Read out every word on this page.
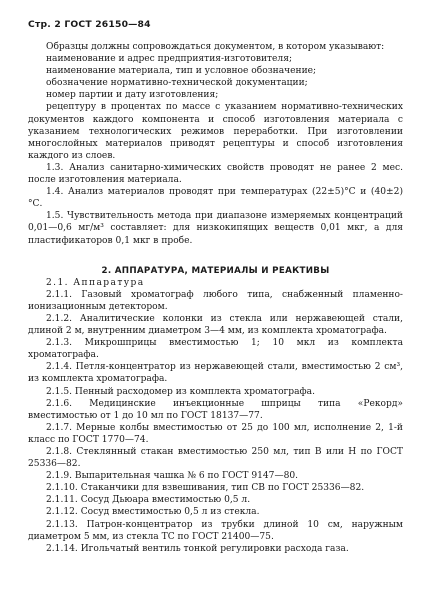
Стр. 2 ГОСТ 26150—84

Образцы должны сопровождаться документом, в котором указывают:

наименование и адрес предприятия-изготовителя;

наименование материала, тип и условное обозначение;

обозначение нормативно-технической документации;

номер партии и дату изготовления;

рецептуру в процентах по массе с указанием нормативно-технических документов каждого компонента и способ изготовления материала с указанием технологических режимов переработки. При изготовлении многослойных материалов приводят рецептуры и способ изготовления каждого из слоев.

1.3. Анализ санитарно-химических свойств проводят не ранее 2 мес. после изготовления материала.

1.4. Анализ материалов проводят при температурах (22±5)°С и (40±2)°С.

1.5. Чувствительность метода при диапазоне измеряемых концентраций 0,01—0,6 мг/м³ составляет: для низкокипящих веществ 0,01 мкг, а для пластификаторов 0,1 мкг в пробе.

2. АППАРАТУРА, МАТЕРИАЛЫ И РЕАКТИВЫ

2.1. Аппаратура

2.1.1. Газовый хроматограф любого типа, снабженный пламенно-ионизационным детектором.

2.1.2. Аналитические колонки из стекла или нержавеющей стали, длиной 2 м, внутренним диаметром 3—4 мм, из комплекта хроматографа.

2.1.3. Микрошприцы вместимостью 1; 10 мкл из комплекта хроматографа.

2.1.4. Петля-концентратор из нержавеющей стали, вместимостью 2 см³, из комплекта хроматографа.

2.1.5. Пенный расходомер из комплекта хроматографа.

2.1.6. Медицинские инъекционные шприцы типа «Рекорд» вместимостью от 1 до 10 мл по ГОСТ 18137—77.

2.1.7. Мерные колбы вместимостью от 25 до 100 мл, исполнение 2, 1-й класс по ГОСТ 1770—74.

2.1.8. Стеклянный стакан вместимостью 250 мл, тип В или Н по ГОСТ 25336—82.

2.1.9. Выпарительная чашка № 6 по ГОСТ 9147—80.

2.1.10. Стаканчики для взвешивания, тип СВ по ГОСТ 25336—82.

2.1.11. Сосуд Дьюара вместимостью 0,5 л.

2.1.12. Сосуд вместимостью 0,5 л из стекла.

2.1.13. Патрон-концентратор из трубки длиной 10 см, наружным диаметром 5 мм, из стекла ТС по ГОСТ 21400—75.

2.1.14. Игольчатый вентиль тонкой регулировки расхода газа.
